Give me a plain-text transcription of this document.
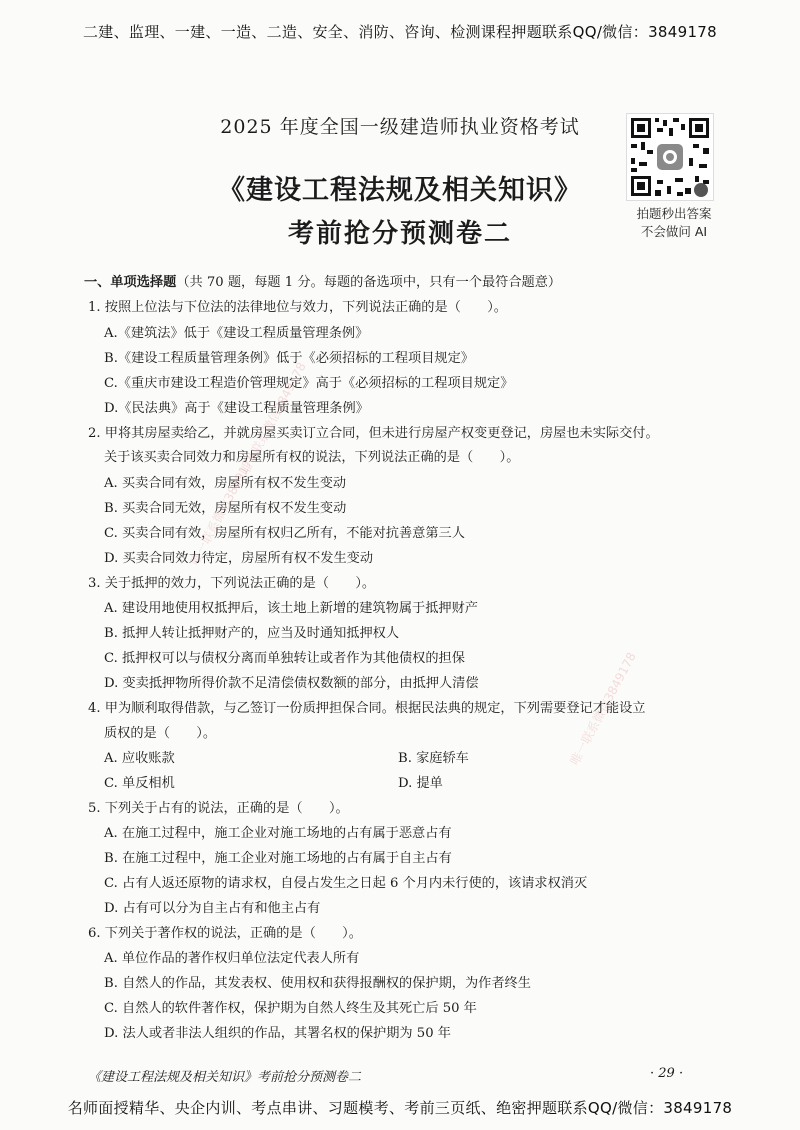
二建、监理、一建、一造、二造、安全、消防、咨询、检测课程押题联系QQ/微信：3849178
2025 年度全国一级建造师执业资格考试
《建设工程法规及相关知识》
考前抢分预测卷二
拍题秒出答案
不会做问 AI
一、单项选择题（共 70 题，每题 1 分。每题的备选项中，只有一个最符合题意）
1. 按照上位法与下位法的法律地位与效力，下列说法正确的是（　　）。
A.《建筑法》低于《建设工程质量管理条例》
B.《建设工程质量管理条例》低于《必须招标的工程项目规定》
C.《重庆市建设工程造价管理规定》高于《必须招标的工程项目规定》
D.《民法典》高于《建设工程质量管理条例》
2. 甲将其房屋卖给乙，并就房屋买卖订立合同，但未进行房屋产权变更登记，房屋也未实际交付。
关于该买卖合同效力和房屋所有权的说法，下列说法正确的是（　　）。
A. 买卖合同有效，房屋所有权不发生变动
B. 买卖合同无效，房屋所有权不发生变动
C. 买卖合同有效，房屋所有权归乙所有，不能对抗善意第三人
D. 买卖合同效力待定，房屋所有权不发生变动
3. 关于抵押的效力，下列说法正确的是（　　）。
A. 建设用地使用权抵押后，该土地上新增的建筑物属于抵押财产
B. 抵押人转让抵押财产的，应当及时通知抵押权人
C. 抵押权可以与债权分离而单独转让或者作为其他债权的担保
D. 变卖抵押物所得价款不足清偿债权数额的部分，由抵押人清偿
4. 甲为顺利取得借款，与乙签订一份质押担保合同。根据民法典的规定，下列需要登记才能设立
质权的是（　　）。
A. 应收账款	B. 家庭轿车
C. 单反相机	D. 提单
5. 下列关于占有的说法，正确的是（　　）。
A. 在施工过程中，施工企业对施工场地的占有属于恶意占有
B. 在施工过程中，施工企业对施工场地的占有属于自主占有
C. 占有人返还原物的请求权，自侵占发生之日起 6 个月内未行使的，该请求权消灭
D. 占有可以分为自主占有和他主占有
6. 下列关于著作权的说法，正确的是（　　）。
A. 单位作品的著作权归单位法定代表人所有
B. 自然人的作品，其发表权、使用权和获得报酬权的保护期，为作者终生
C. 自然人的软件著作权，保护期为自然人终生及其死亡后 50 年
D. 法人或者非法人组织的作品，其署名权的保护期为 50 年
唯一联系微信3849178
唯一联系微信3849178
唯一联系微信3849178
《建设工程法规及相关知识》考前抢分预测卷二	· 29 ·
名师面授精华、央企内训、考点串讲、习题模考、考前三页纸、绝密押题联系QQ/微信：3849178
